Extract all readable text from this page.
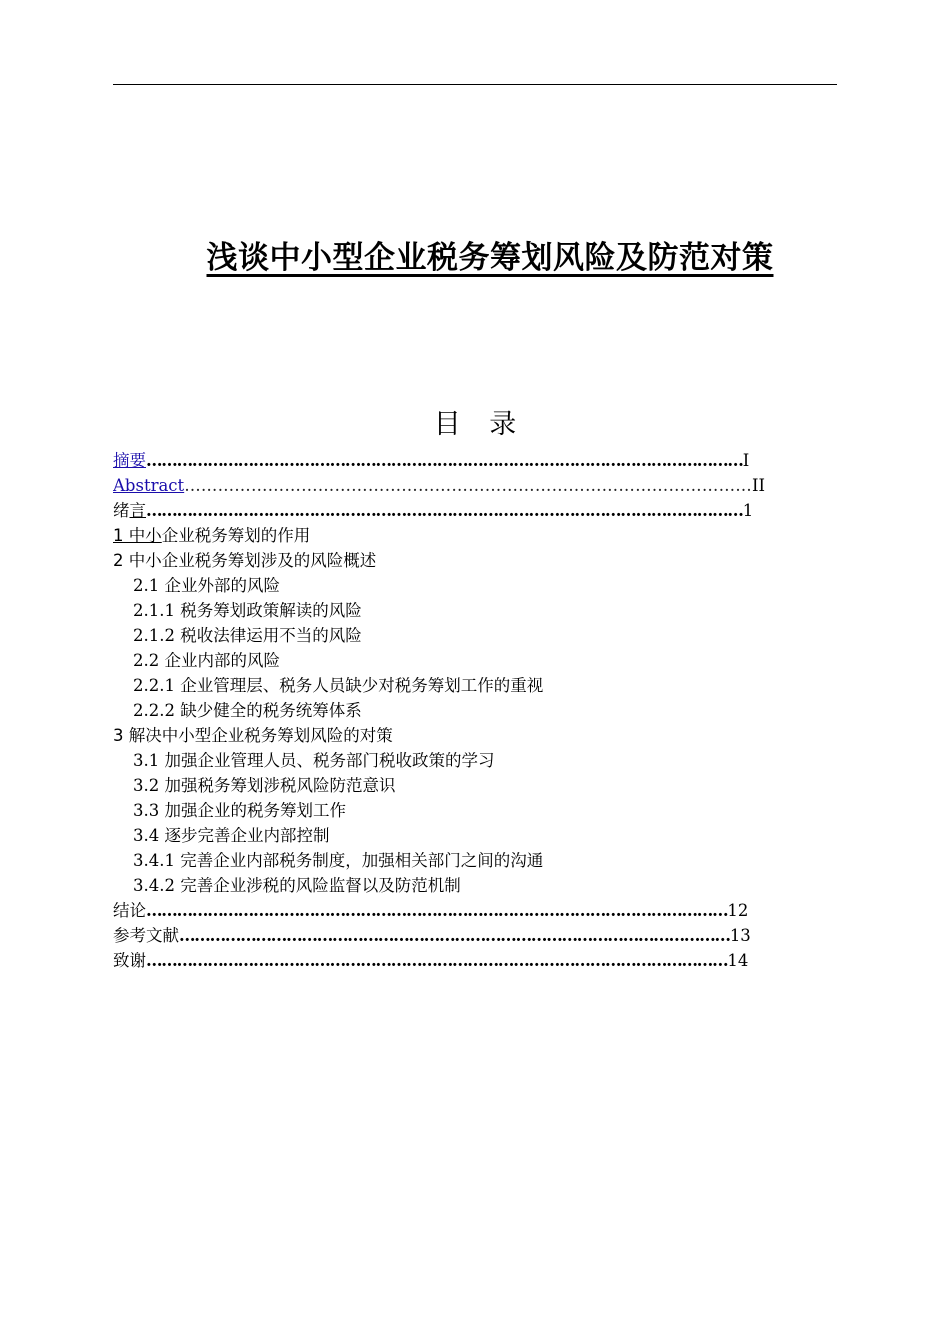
浅谈中小型企业税务筹划风险及防范对策
目 录
摘要………………………………………………………………………………………………………I
Abstract…………………………………………………………………………………………II
绪言………………………………………………………………………………………………………1
1 中小企业税务筹划的作用
2 中小企业税务筹划涉及的风险概述
2.1 企业外部的风险
2.1.1 税务筹划政策解读的风险
2.1.2 税收法律运用不当的风险
2.2 企业内部的风险
2.2.1 企业管理层、税务人员缺少对税务筹划工作的重视
2.2.2 缺少健全的税务统筹体系
3 解决中小型企业税务筹划风险的对策
3.1 加强企业管理人员、税务部门税收政策的学习
3.2 加强税务筹划涉税风险防范意识
3.3 加强企业的税务筹划工作
3.4 逐步完善企业内部控制
3.4.1 完善企业内部税务制度，加强相关部门之间的沟通
3.4.2 完善企业涉税的风险监督以及防范机制
结论……………………………………………………………………………………………………12
参考文献………………………………………………………………………………………………13
致谢……………………………………………………………………………………………………14
